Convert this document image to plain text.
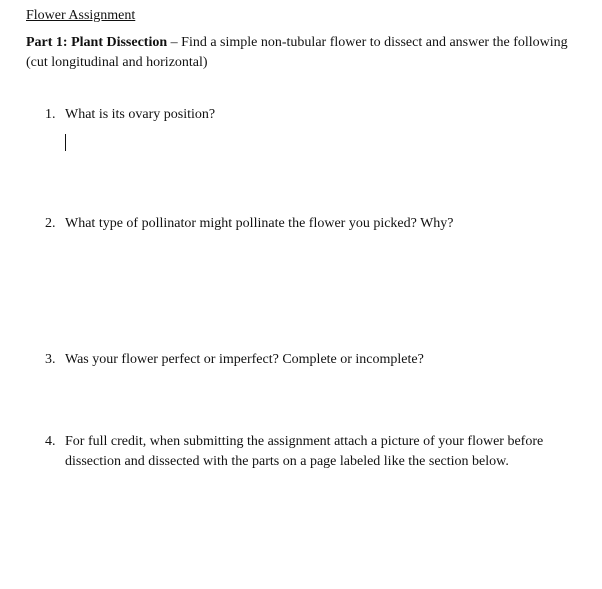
Flower Assignment
Part 1: Plant Dissection – Find a simple non-tubular flower to dissect and answer the following (cut longitudinal and horizontal)
1. What is its ovary position?
2. What type of pollinator might pollinate the flower you picked? Why?
3. Was your flower perfect or imperfect? Complete or incomplete?
4. For full credit, when submitting the assignment attach a picture of your flower before dissection and dissected with the parts on a page labeled like the section below.
